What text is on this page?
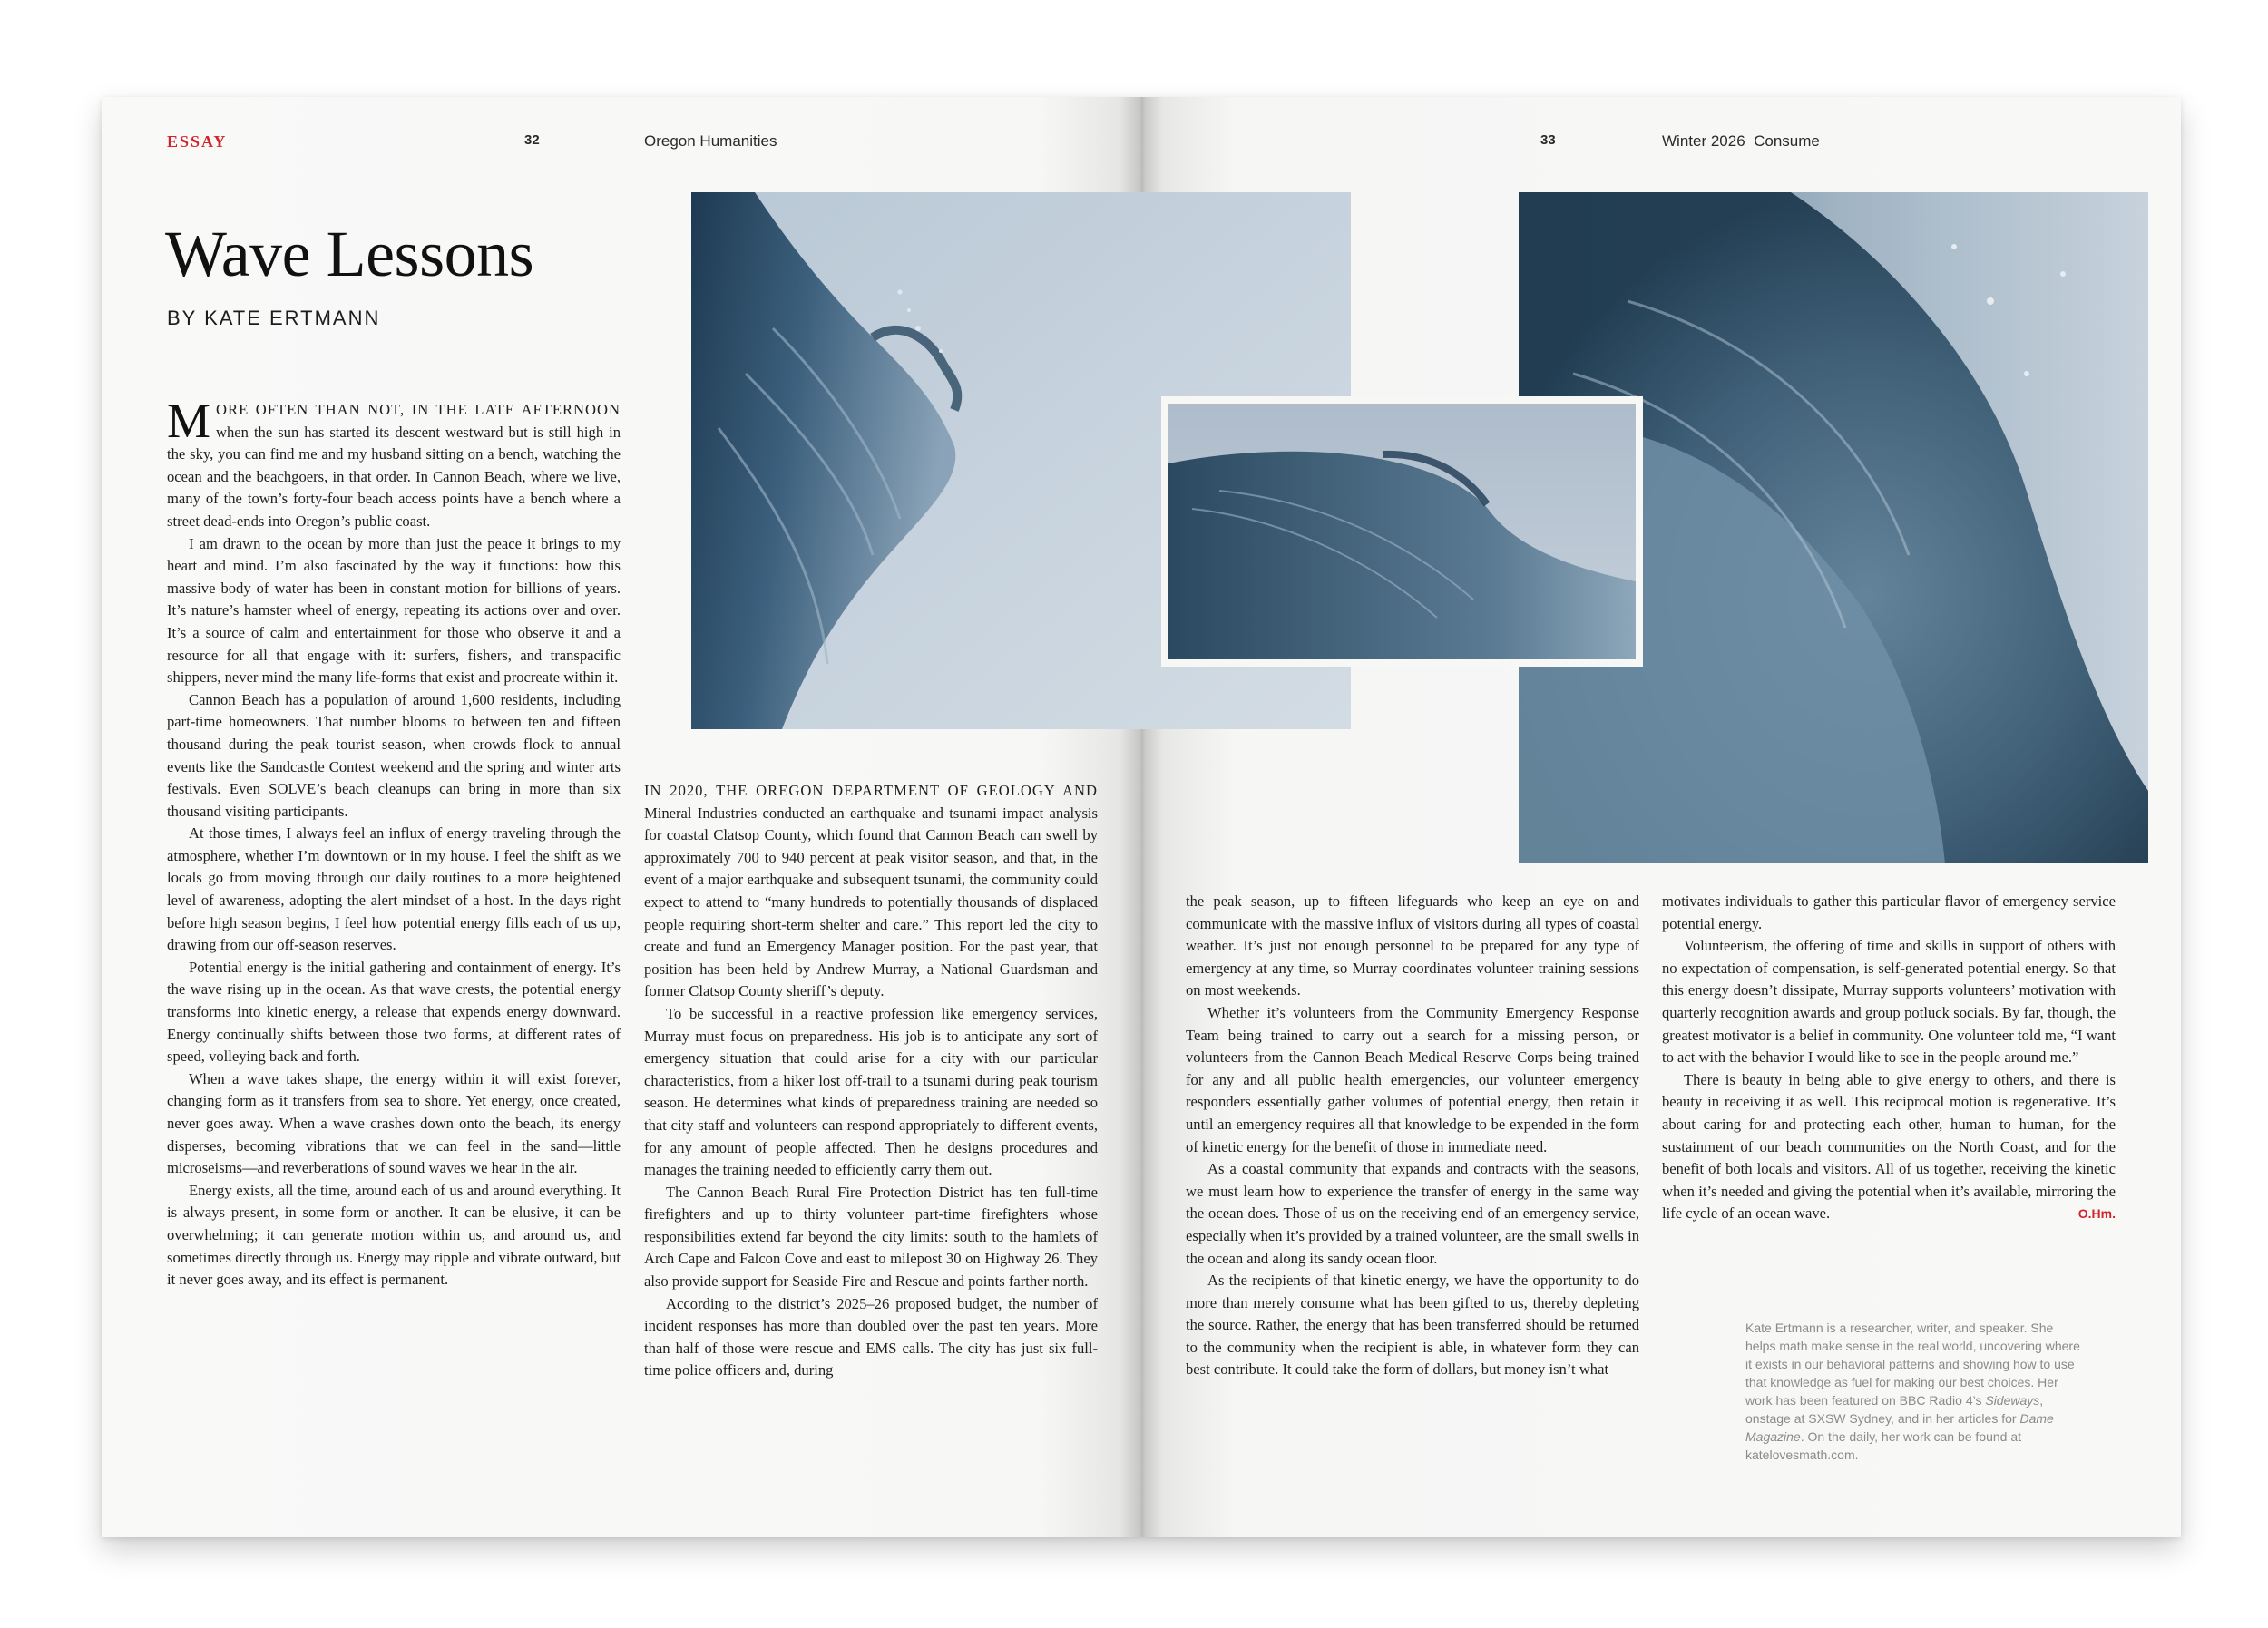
ESSAY	32	Oregon Humanities	33	Winter 2026  Consume
Wave Lessons
BY KATE ERTMANN

MORE OFTEN THAN NOT, IN THE LATE AFTERNOON when the sun has started its descent westward but is still high in the sky, you can find me and my husband sitting on a bench, watching the ocean and the beachgoers, in that order. In Cannon Beach, where we live, many of the town’s forty-four beach access points have a bench where a street dead-ends into Oregon’s public coast.

I am drawn to the ocean by more than just the peace it brings to my heart and mind. I’m also fascinated by the way it functions: how this massive body of water has been in constant motion for billions of years. It’s nature’s hamster wheel of energy, repeating its actions over and over. It’s a source of calm and entertainment for those who observe it and a resource for all that engage with it: surfers, fishers, and transpacific shippers, never mind the many life-forms that exist and procreate within it.

Cannon Beach has a population of around 1,600 residents, including part-time homeowners. That number blooms to between ten and fifteen thousand during the peak tourist season, when crowds flock to annual events like the Sandcastle Contest weekend and the spring and winter arts festivals. Even SOLVE’s beach cleanups can bring in more than six thousand visiting participants.

At those times, I always feel an influx of energy traveling through the atmosphere, whether I’m downtown or in my house. I feel the shift as we locals go from moving through our daily routines to a more heightened level of awareness, adopting the alert mindset of a host. In the days right before high season begins, I feel how potential energy fills each of us up, drawing from our off-season reserves.

Potential energy is the initial gathering and containment of energy. It’s the wave rising up in the ocean. As that wave crests, the potential energy transforms into kinetic energy, a release that expends energy downward. Energy continually shifts between those two forms, at different rates of speed, volleying back and forth.

When a wave takes shape, the energy within it will exist forever, changing form as it transfers from sea to shore. Yet energy, once created, never goes away. When a wave crashes down onto the beach, its energy disperses, becoming vibrations that we can feel in the sand—little microseisms—and reverberations of sound waves we hear in the air.

Energy exists, all the time, around each of us and around everything. It is always present, in some form or another. It can be elusive, it can be overwhelming; it can generate motion within us, and around us, and sometimes directly through us. Energy may ripple and vibrate outward, but it never goes away, and its effect is permanent.

IN 2020, THE OREGON DEPARTMENT OF GEOLOGY AND Mineral Industries conducted an earthquake and tsunami impact analysis for coastal Clatsop County, which found that Cannon Beach can swell by approximately 700 to 940 percent at peak visitor season, and that, in the event of a major earthquake and subsequent tsunami, the community could expect to attend to “many hundreds to potentially thousands of displaced people requiring short-term shelter and care.” This report led the city to create and fund an Emergency Manager position. For the past year, that position has been held by Andrew Murray, a National Guardsman and former Clatsop County sheriff’s deputy.

To be successful in a reactive profession like emergency services, Murray must focus on preparedness. His job is to anticipate any sort of emergency situation that could arise for a city with our particular characteristics, from a hiker lost off-trail to a tsunami during peak tourism season. He determines what kinds of preparedness training are needed so that city staff and volunteers can respond appropriately to different events, for any amount of people affected. Then he designs procedures and manages the training needed to efficiently carry them out.

The Cannon Beach Rural Fire Protection District has ten full-time firefighters and up to thirty volunteer part-time firefighters whose responsibilities extend far beyond the city limits: south to the hamlets of Arch Cape and Falcon Cove and east to milepost 30 on Highway 26. They also provide support for Seaside Fire and Rescue and points farther north.

According to the district’s 2025–26 proposed budget, the number of incident responses has more than doubled over the past ten years. More than half of those were rescue and EMS calls. The city has just six full-time police officers and, during

the peak season, up to fifteen lifeguards who keep an eye on and communicate with the massive influx of visitors during all types of coastal weather. It’s just not enough personnel to be prepared for any type of emergency at any time, so Murray coordinates volunteer training sessions on most weekends.

Whether it’s volunteers from the Community Emergency Response Team being trained to carry out a search for a missing person, or volunteers from the Cannon Beach Medical Reserve Corps being trained for any and all public health emergencies, our volunteer emergency responders essentially gather volumes of potential energy, then retain it until an emergency requires all that knowledge to be expended in the form of kinetic energy for the benefit of those in immediate need.

As a coastal community that expands and contracts with the seasons, we must learn how to experience the transfer of energy in the same way the ocean does. Those of us on the receiving end of an emergency service, especially when it’s provided by a trained volunteer, are the small swells in the ocean and along its sandy ocean floor.

As the recipients of that kinetic energy, we have the opportunity to do more than merely consume what has been gifted to us, thereby depleting the source. Rather, the energy that has been transferred should be returned to the community when the recipient is able, in whatever form they can best contribute. It could take the form of dollars, but money isn’t what

motivates individuals to gather this particular flavor of emergency service potential energy.

Volunteerism, the offering of time and skills in support of others with no expectation of compensation, is self-generated potential energy. So that this energy doesn’t dissipate, Murray supports volunteers’ motivation with quarterly recognition awards and group potluck socials. By far, though, the greatest motivator is a belief in community. One volunteer told me, “I want to act with the behavior I would like to see in the people around me.”

There is beauty in being able to give energy to others, and there is beauty in receiving it as well. This reciprocal motion is regenerative. It’s about caring for and protecting each other, human to human, for the sustainment of our beach communities on the North Coast, and for the benefit of both locals and visitors. All of us together, receiving the kinetic when it’s needed and giving the potential when it’s available, mirroring the life cycle of an ocean wave.	O.Hm.

Kate Ertmann is a researcher, writer, and speaker. She helps math make sense in the real world, uncovering where it exists in our behavioral patterns and showing how to use that knowledge as fuel for making our best choices. Her work has been featured on BBC Radio 4’s Sideways, onstage at SXSW Sydney, and in her articles for Dame Magazine. On the daily, her work can be found at katelovesmath.com.
